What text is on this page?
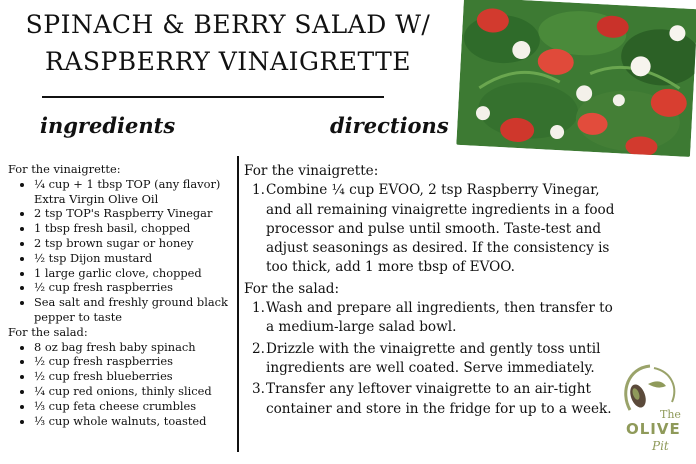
SPINACH & BERRY SALAD W/
RASPBERRY VINAIGRETTE
ingredients	directions
For the vinaigrette:
• ¼ cup + 1 tbsp TOP (any flavor) Extra Virgin Olive Oil
• 2 tsp TOP's Raspberry Vinegar
• 1 tbsp fresh basil, chopped
• 2 tsp brown sugar or honey
• ½ tsp Dijon mustard
• 1 large garlic clove, chopped
• ½ cup fresh raspberries
• Sea salt and freshly ground black pepper to taste
For the salad:
• 8 oz bag fresh baby spinach
• ½ cup fresh raspberries
• ½ cup fresh blueberries
• ¼ cup red onions, thinly sliced
• ⅓ cup feta cheese crumbles
• ⅓ cup whole walnuts, toasted
For the vinaigrette:
1. Combine ¼ cup EVOO, 2 tsp Raspberry Vinegar, and all remaining vinaigrette ingredients in a food processor and pulse until smooth. Taste-test and adjust seasonings as desired. If the consistency is too thick, add 1 more tbsp of EVOO.
For the salad:
1. Wash and prepare all ingredients, then transfer to a medium-large salad bowl.
2. Drizzle with the vinaigrette and gently toss until ingredients are well coated. Serve immediately.
3. Transfer any leftover vinaigrette to an air-tight container and store in the fridge for up to a week.	The
OLIVE
Pit
